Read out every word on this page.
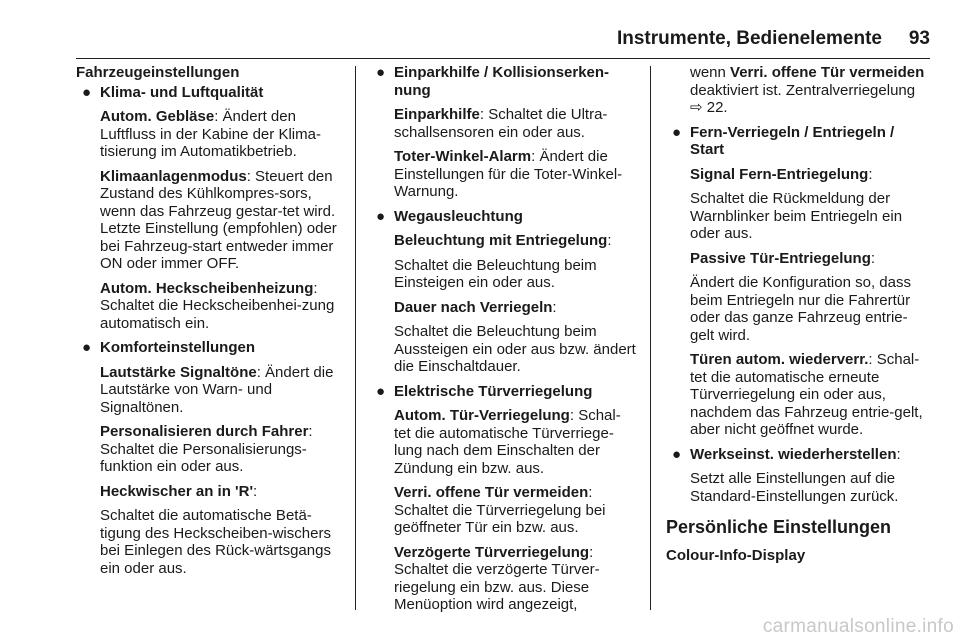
Instrumente, Bedienelemente	93
Fahrzeugeinstellungen
● Klima- und Luftqualität
Autom. Gebläse: Ändert den Luftfluss in der Kabine der Klima-tisierung im Automatikbetrieb.
Klimaanlagenmodus: Steuert den Zustand des Kühlkompres-sors, wenn das Fahrzeug gestar-tet wird. Letzte Einstellung (empfohlen) oder bei Fahrzeug-start entweder immer ON oder immer OFF.
Autom. Heckscheibenheizung: Schaltet die Heckscheibenhei-zung automatisch ein.
● Komforteinstellungen
Lautstärke Signaltöne: Ändert die Lautstärke von Warn- und Signaltönen.
Personalisieren durch Fahrer: Schaltet die Personalisierungs-funktion ein oder aus.
Heckwischer an in 'R':
Schaltet die automatische Betä-tigung des Heckscheiben-wischers bei Einlegen des Rück-wärtsgangs ein oder aus.
● Einparkhilfe / Kollisionserken-nung
Einparkhilfe: Schaltet die Ultra-schallsensoren ein oder aus.
Toter-Winkel-Alarm: Ändert die Einstellungen für die Toter-Winkel-Warnung.
● Wegausleuchtung
Beleuchtung mit Entriegelung:
Schaltet die Beleuchtung beim Einsteigen ein oder aus.
Dauer nach Verriegeln:
Schaltet die Beleuchtung beim Aussteigen ein oder aus bzw. ändert die Einschaltdauer.
● Elektrische Türverriegelung
Autom. Tür-Verriegelung: Schal-tet die automatische Türverriege-lung nach dem Einschalten der Zündung ein bzw. aus.
Verri. offene Tür vermeiden: Schaltet die Türverriegelung bei geöffneter Tür ein bzw. aus.
Verzögerte Türverriegelung: Schaltet die verzögerte Türver-riegelung ein bzw. aus. Diese Menüoption wird angezeigt,
wenn Verri. offene Tür vermeiden deaktiviert ist. Zentralverriegelung ⇨ 22.
● Fern-Verriegeln / Entriegeln / Start
Signal Fern-Entriegelung:
Schaltet die Rückmeldung der Warnblinker beim Entriegeln ein oder aus.
Passive Tür-Entriegelung:
Ändert die Konfiguration so, dass beim Entriegeln nur die Fahrertür oder das ganze Fahrzeug entrie-gelt wird.
Türen autom. wiederverr.: Schal-tet die automatische erneute Türverriegelung ein oder aus, nachdem das Fahrzeug entrie-gelt, aber nicht geöffnet wurde.
● Werkseinst. wiederherstellen:
Setzt alle Einstellungen auf die Standard-Einstellungen zurück.
Persönliche Einstellungen
Colour-Info-Display
carmanualsonline.info
